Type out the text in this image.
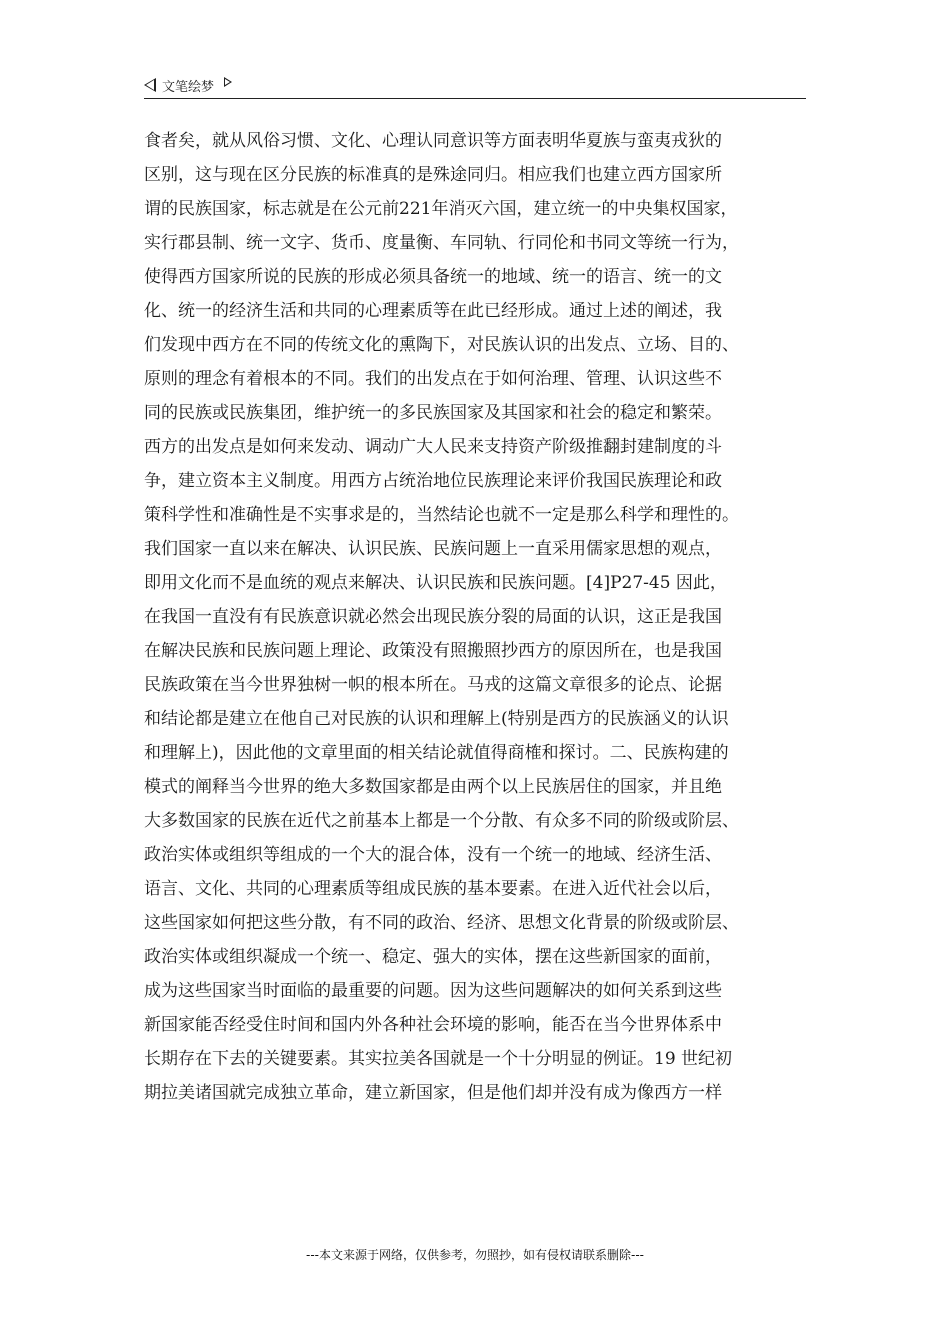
文笔绘梦
食者矣，就从风俗习惯、文化、心理认同意识等方面表明华夏族与蛮夷戎狄的
区别，这与现在区分民族的标准真的是殊途同归。相应我们也建立西方国家所
谓的民族国家，标志就是在公元前221年消灭六国，建立统一的中央集权国家，
实行郡县制、统一文字、货币、度量衡、车同轨、行同伦和书同文等统一行为，
使得西方国家所说的民族的形成必须具备统一的地域、统一的语言、统一的文
化、统一的经济生活和共同的心理素质等在此已经形成。通过上述的阐述，我
们发现中西方在不同的传统文化的熏陶下，对民族认识的出发点、立场、目的、
原则的理念有着根本的不同。我们的出发点在于如何治理、管理、认识这些不
同的民族或民族集团，维护统一的多民族国家及其国家和社会的稳定和繁荣。
西方的出发点是如何来发动、调动广大人民来支持资产阶级推翻封建制度的斗
争，建立资本主义制度。用西方占统治地位民族理论来评价我国民族理论和政
策科学性和准确性是不实事求是的，当然结论也就不一定是那么科学和理性的。
我们国家一直以来在解决、认识民族、民族问题上一直采用儒家思想的观点，
即用文化而不是血统的观点来解决、认识民族和民族问题。[4]P27-45 因此，
在我国一直没有有民族意识就必然会出现民族分裂的局面的认识，这正是我国
在解决民族和民族问题上理论、政策没有照搬照抄西方的原因所在，也是我国
民族政策在当今世界独树一帜的根本所在。马戎的这篇文章很多的论点、论据
和结论都是建立在他自己对民族的认识和理解上(特别是西方的民族涵义的认识
和理解上)，因此他的文章里面的相关结论就值得商榷和探讨。二、民族构建的
模式的阐释当今世界的绝大多数国家都是由两个以上民族居住的国家，并且绝
大多数国家的民族在近代之前基本上都是一个分散、有众多不同的阶级或阶层、
政治实体或组织等组成的一个大的混合体，没有一个统一的地域、经济生活、
语言、文化、共同的心理素质等组成民族的基本要素。在进入近代社会以后，
这些国家如何把这些分散，有不同的政治、经济、思想文化背景的阶级或阶层、
政治实体或组织凝成一个统一、稳定、强大的实体，摆在这些新国家的面前，
成为这些国家当时面临的最重要的问题。因为这些问题解决的如何关系到这些
新国家能否经受住时间和国内外各种社会环境的影响，能否在当今世界体系中
长期存在下去的关键要素。其实拉美各国就是一个十分明显的例证。19 世纪初
期拉美诸国就完成独立革命，建立新国家，但是他们却并没有成为像西方一样
---本文来源于网络，仅供参考，勿照抄，如有侵权请联系删除---
